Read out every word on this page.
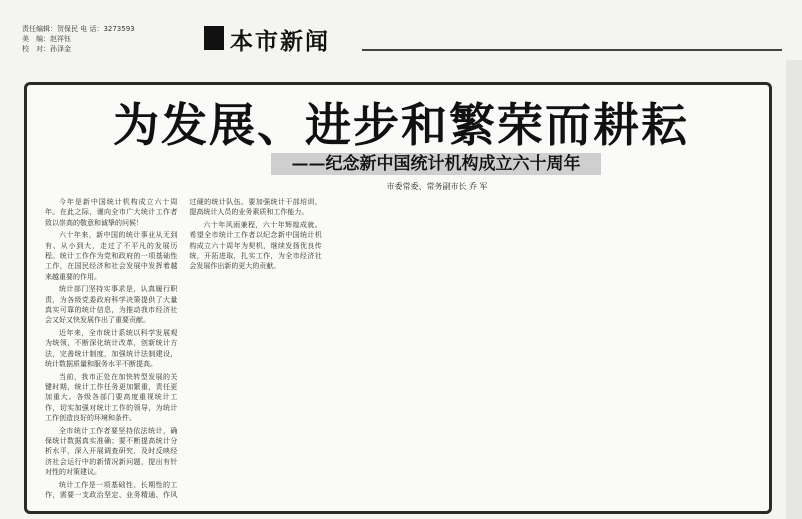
责任编辑：贺保民 电 话：3273593
美　编：赵祥钰
校　对：孙泽金	本市新闻
为发展、进步和繁荣而耕耘
——纪念新中国统计机构成立六十周年
市委常委、常务副市长 乔 军

今年是新中国统计机构成立六十周年。在此之际，谨向全市广大统计工作者致以崇高的敬意和诚挚的问候！

六十年来，新中国的统计事业从无到有、从小到大，走过了不平凡的发展历程。统计工作作为党和政府的一项基础性工作，在国民经济和社会发展中发挥着越来越重要的作用。

统计部门坚持实事求是，认真履行职责，为各级党委政府科学决策提供了大量真实可靠的统计信息，为推动我市经济社会又好又快发展作出了重要贡献。

近年来，全市统计系统以科学发展观为统领，不断深化统计改革，创新统计方法，完善统计制度，加强统计法制建设，统计数据质量和服务水平不断提高。

当前，我市正处在加快转型发展的关键时期，统计工作任务更加繁重，责任更加重大。各级各部门要高度重视统计工作，切实加强对统计工作的领导，为统计工作创造良好的环境和条件。

全市统计工作者要坚持依法统计，确保统计数据真实准确；要不断提高统计分析水平，深入开展调查研究，及时反映经济社会运行中的新情况新问题，提出有针对性的对策建议。

统计工作是一项基础性、长期性的工作，需要一支政治坚定、业务精通、作风过硬的统计队伍。要加强统计干部培训，提高统计人员的业务素质和工作能力。

六十年风雨兼程，六十年辉煌成就。希望全市统计工作者以纪念新中国统计机构成立六十周年为契机，继续发扬优良传统，开拓进取，扎实工作，为全市经济社会发展作出新的更大的贡献。
